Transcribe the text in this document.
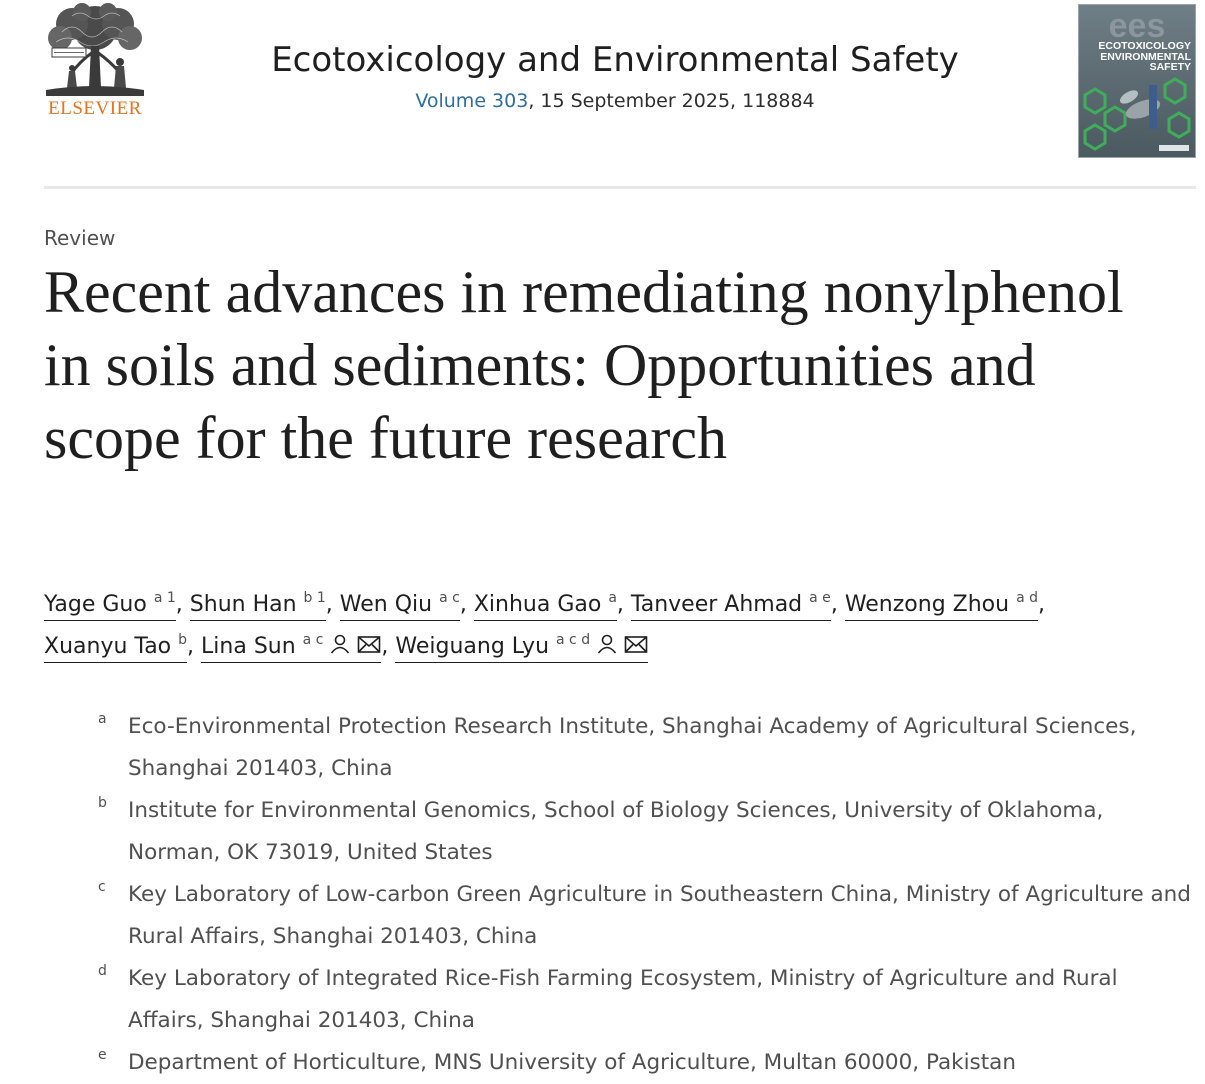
ELSEVIER
Ecotoxicology and Environmental Safety
Volume 303, 15 September 2025, 118884
ees
ECOTOXICOLOGY
ENVIRONMENTAL
SAFETY
Review
Recent advances in remediating nonylphenol in soils and sediments: Opportunities and scope for the future research
Yage Guo $^{a 1}$, Shun Han $^{b 1}$, Wen Qiu $^{a c}$, Xinhua Gao $^a$, Tanveer Ahmad $^{a e}$, Wenzong Zhou $^{a d}$,
Xuanyu Tao $^b$, Lina Sun $^{a c}$	, Weiguang Lyu $^{a c d}$
a Eco-Environmental Protection Research Institute, Shanghai Academy of Agricultural Sciences, Shanghai 201403, China
b Institute for Environmental Genomics, School of Biology Sciences, University of Oklahoma, Norman, OK 73019, United States
c Key Laboratory of Low-carbon Green Agriculture in Southeastern China, Ministry of Agriculture and Rural Affairs, Shanghai 201403, China
d Key Laboratory of Integrated Rice-Fish Farming Ecosystem, Ministry of Agriculture and Rural Affairs, Shanghai 201403, China
e Department of Horticulture, MNS University of Agriculture, Multan 60000, Pakistan
